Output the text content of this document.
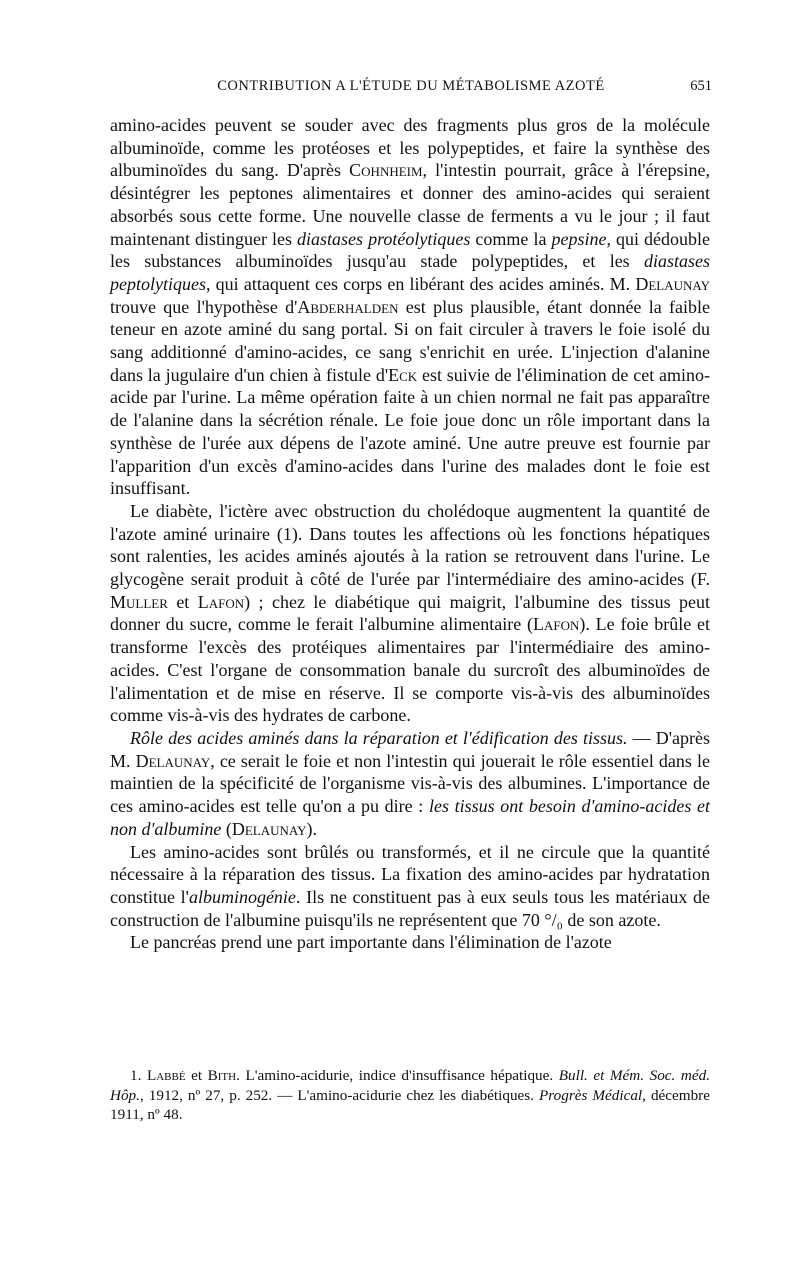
CONTRIBUTION A L'ÉTUDE DU MÉTABOLISME AZOTÉ	651

amino-acides peuvent se souder avec des fragments plus gros de la molécule albuminoïde, comme les protéoses et les polypeptides, et faire la synthèse des albuminoïdes du sang. D'après Cohnheim, l'intestin pourrait, grâce à l'érepsine, désintégrer les peptones alimentaires et donner des amino-acides qui seraient absorbés sous cette forme. Une nouvelle classe de ferments a vu le jour ; il faut maintenant distinguer les diastases protéolytiques comme la pepsine, qui dédouble les substances albuminoïdes jusqu'au stade polypeptides, et les diastases peptolytiques, qui attaquent ces corps en libérant des acides aminés. M. Delaunay trouve que l'hypothèse d'Abderhalden est plus plausible, étant donnée la faible teneur en azote aminé du sang portal. Si on fait circuler à travers le foie isolé du sang additionné d'amino-acides, ce sang s'enrichit en urée. L'injection d'alanine dans la jugulaire d'un chien à fistule d'Eck est suivie de l'élimination de cet amino-acide par l'urine. La même opération faite à un chien normal ne fait pas apparaître de l'alanine dans la sécrétion rénale. Le foie joue donc un rôle important dans la synthèse de l'urée aux dépens de l'azote aminé. Une autre preuve est fournie par l'apparition d'un excès d'amino-acides dans l'urine des malades dont le foie est insuffisant.

Le diabète, l'ictère avec obstruction du cholédoque augmentent la quantité de l'azote aminé urinaire (1). Dans toutes les affections où les fonctions hépatiques sont ralenties, les acides aminés ajoutés à la ration se retrouvent dans l'urine. Le glycogène serait produit à côté de l'urée par l'intermédiaire des amino-acides (F. Muller et Lafon) ; chez le diabétique qui maigrit, l'albumine des tissus peut donner du sucre, comme le ferait l'albumine alimentaire (Lafon). Le foie brûle et transforme l'excès des protéiques alimentaires par l'intermédiaire des amino-acides. C'est l'organe de consommation banale du surcroît des albuminoïdes de l'alimentation et de mise en réserve. Il se comporte vis-à-vis des albuminoïdes comme vis-à-vis des hydrates de carbone.

Rôle des acides aminés dans la réparation et l'édification des tissus. — D'après M. Delaunay, ce serait le foie et non l'intestin qui jouerait le rôle essentiel dans le maintien de la spécificité de l'organisme vis-à-vis des albumines. L'importance de ces amino-acides est telle qu'on a pu dire : les tissus ont besoin d'amino-acides et non d'albumine (Delaunay).

Les amino-acides sont brûlés ou transformés, et il ne circule que la quantité nécessaire à la réparation des tissus. La fixation des amino-acides par hydratation constitue l'albuminogénie. Ils ne constituent pas à eux seuls tous les matériaux de construction de l'albumine puisqu'ils ne représentent que 70 °/₀ de son azote.

Le pancréas prend une part importante dans l'élimination de l'azote

1. Labbé et Bith. L'amino-acidurie, indice d'insuffisance hépatique. Bull. et Mém. Soc. méd. Hôp., 1912, nº 27, p. 252. — L'amino-acidurie chez les diabétiques. Progrès Médical, décembre 1911, nº 48.
